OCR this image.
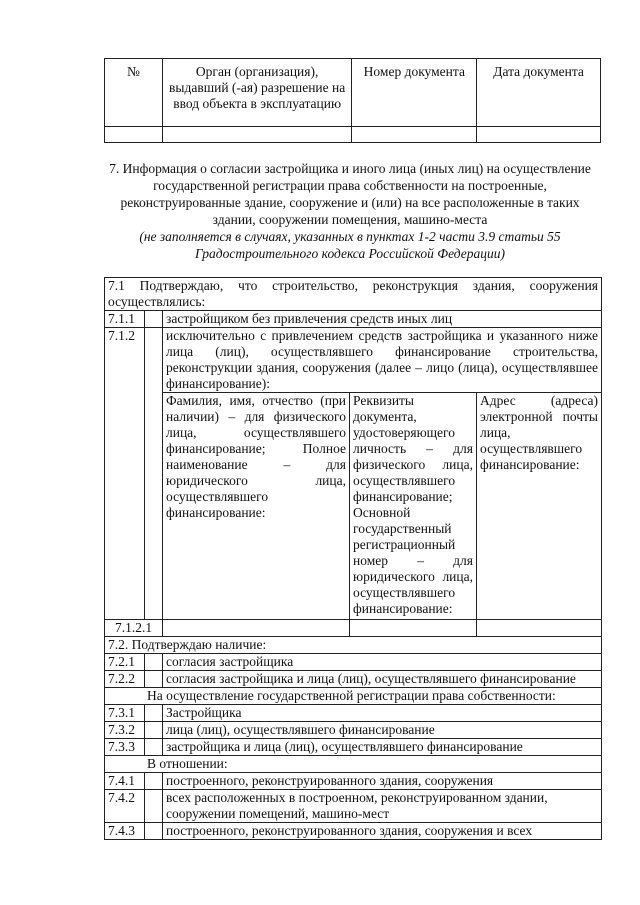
№	Орган (организация), выдавший (-ая) разрешение на ввод объекта в эксплуатацию	Номер документа	Дата документа

7. Информация о согласии застройщика и иного лица (иных лиц) на осуществление государственной регистрации права собственности на построенные, реконструированные здание, сооружение и (или) на все расположенные в таких здании, сооружении помещения, машино-места
(не заполняется в случаях, указанных в пунктах 1-2 части 3.9 статьи 55 Градостроительного кодекса Российской Федерации)
7.1 Подтверждаю, что строительство, реконструкция здания, сооружения осуществлялись:				
7.1.1		застройщиком без привлечения средств иных лиц		
7.1.2		исключительно с привлечением средств застройщика и указанного ниже лица (лиц), осуществлявшего финансирование строительства, реконструкции здания, сооружения (далее – лицо (лица), осуществлявшее финансирование):		
		Фамилия, имя, отчество (при наличии) – для физического лица, осуществлявшего финансирование; Полное наименование – для юридического лица, осуществлявшего финансирование:	Реквизиты документа, удостоверяющего личность – для физического лица, осуществлявшего финансирование; Основной государственный регистрационный номер – для юридического лица, осуществлявшего финансирование:	Адрес (адреса) электронной почты лица, осуществлявшего финансирование:
7.1.2.1				
7.2. Подтверждаю наличие:				
7.2.1		согласия застройщика		
7.2.2		согласия застройщика и лица (лиц), осуществлявшего финансирование		
На осуществление государственной регистрации права собственности:				
7.3.1		Застройщика		
7.3.2		лица (лиц), осуществлявшего финансирование		
7.3.3		застройщика и лица (лиц), осуществлявшего финансирование		
В отношении:				
7.4.1		построенного, реконструированного здания, сооружения		
7.4.2		всех расположенных в построенном, реконструированном здании, сооружении помещений, машино-мест		
7.4.3		построенного, реконструированного здания, сооружения и всех		
